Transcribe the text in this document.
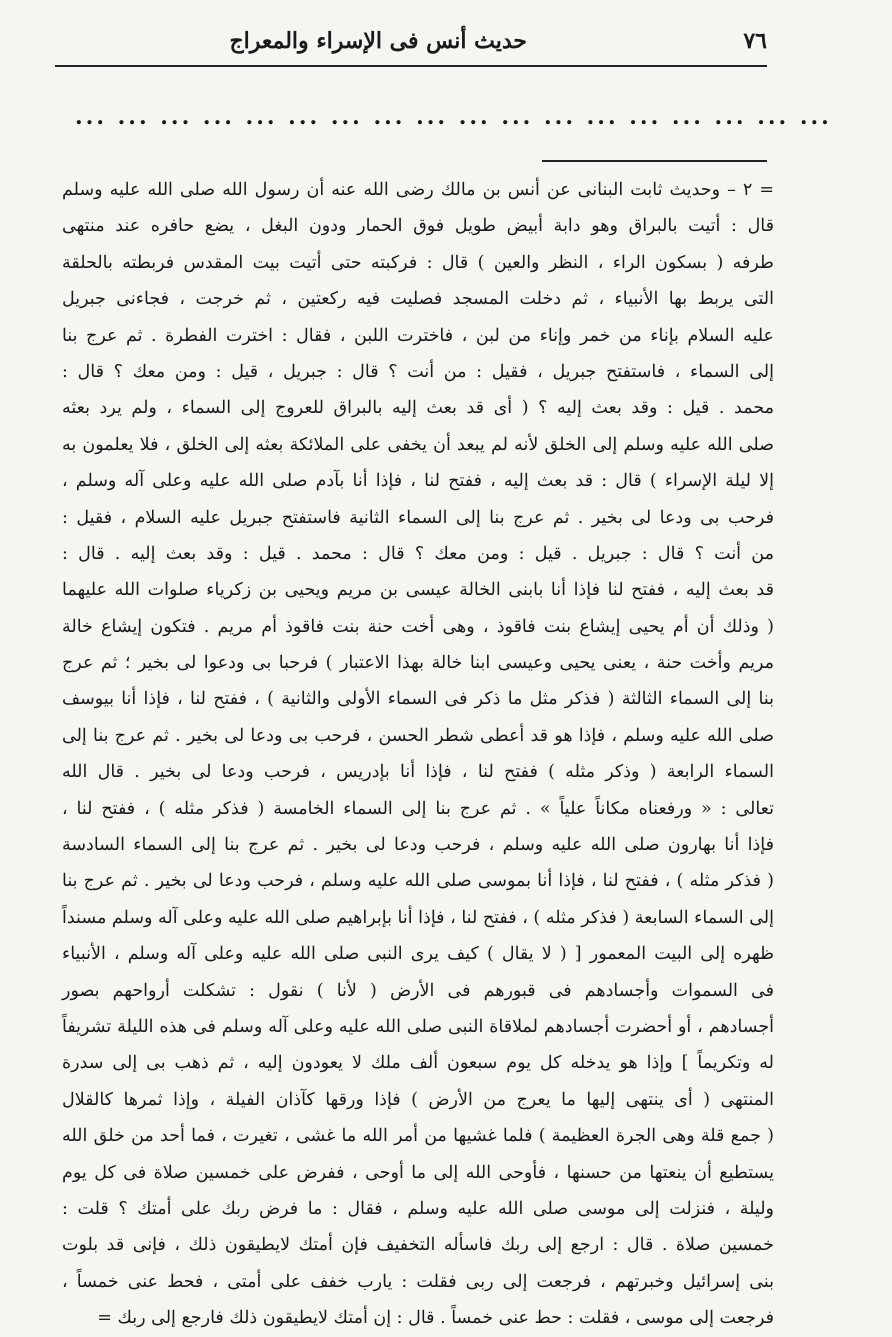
٧٦
حديث أنس فى الإسراء والمعراج
... ... ... ... ... ... ... ... ... ... ... ... ... ... ... ... ... ...
= ٢ – وحديث ثابت البنانى عن أنس بن مالك رضى الله عنه أن رسول الله صلى الله عليه وسلم
قال : أتيت بالبراق وهو دابة أبيض طويل فوق الحمار ودون البغل ، يضع حافره عند منتهى
طرفه ( بسكون الراء ، النظر والعين ) قال : فركبته حتى أتيت بيت المقدس فربطته بالحلقة
التى يربط بها الأنبياء ، ثم دخلت المسجد فصليت فيه ركعتين ، ثم خرجت ، فجاءنى جبريل
عليه السلام بإناء من خمر وإناء من لبن ، فاخترت اللبن ، فقال : اخترت الفطرة . ثم عرج بنا
إلى السماء ، فاستفتح جبريل ، فقيل : من أنت ؟ قال : جبريل ، قيل : ومن معك ؟ قال :
محمد . قيل : وقد بعث إليه ؟ ( أى قد بعث إليه بالبراق للعروج إلى السماء ، ولم يرد بعثه
صلى الله عليه وسلم إلى الخلق لأنه لم يبعد أن يخفى على الملائكة بعثه إلى الخلق ، فلا يعلمون به
إلا ليلة الإسراء ) قال : قد بعث إليه ، ففتح لنا ، فإذا أنا بآدم صلى الله عليه وعلى آله وسلم ،
فرحب بى ودعا لى بخير . ثم عرج بنا إلى السماء الثانية فاستفتح جبريل عليه السلام ، فقيل :
من أنت ؟ قال : جبريل . قيل : ومن معك ؟ قال : محمد . قيل : وقد بعث إليه . قال :
قد بعث إليه ، ففتح لنا فإذا أنا بابنى الخالة عيسى بن مريم ويحيى بن زكرياء صلوات الله عليهما
( وذلك أن أم يحيى إيشاع بنت فاقوذ ، وهى أخت حنة بنت فاقوذ أم مريم . فتكون إيشاع خالة
مريم وأخت حنة ، يعنى يحيى وعيسى ابنا خالة بهذا الاعتبار ) فرحبا بى ودعوا لى بخير ؛ ثم عرج
بنا إلى السماء الثالثة ( فذكر مثل ما ذكر فى السماء الأولى والثانية ) ، ففتح لنا ، فإذا أنا بيوسف
صلى الله عليه وسلم ، فإذا هو قد أعطى شطر الحسن ، فرحب بى ودعا لى بخير . ثم عرج بنا إلى
السماء الرابعة ( وذكر مثله ) ففتح لنا ، فإذا أنا بإدريس ، فرحب ودعا لى بخير . قال الله
تعالى : « ورفعناه مكاناً علياً » . ثم عرج بنا إلى السماء الخامسة ( فذكر مثله ) ، ففتح لنا ،
فإذا أنا بهارون صلى الله عليه وسلم ، فرحب ودعا لى بخير . ثم عرج بنا إلى السماء السادسة
( فذكر مثله ) ، ففتح لنا ، فإذا أنا بموسى صلى الله عليه وسلم ، فرحب ودعا لى بخير . ثم عرج بنا
إلى السماء السابعة ( فذكر مثله ) ، ففتح لنا ، فإذا أنا بإبراهيم صلى الله عليه وعلى آله وسلم مسنداً
ظهره إلى البيت المعمور [ ( لا يقال ) كيف يرى النبى صلى الله عليه وعلى آله وسلم ، الأنبياء
فى السموات وأجسادهم فى قبورهم فى الأرض ( لأنا ) نقول : تشكلت أرواحهم بصور
أجسادهم ، أو أحضرت أجسادهم لملاقاة النبى صلى الله عليه وعلى آله وسلم فى هذه الليلة تشريفاً
له وتكريماً ] وإذا هو يدخله كل يوم سبعون ألف ملك لا يعودون إليه ، ثم ذهب بى إلى سدرة
المنتهى ( أى ينتهى إليها ما يعرج من الأرض ) فإذا ورقها كآذان الفيلة ، وإذا ثمرها كالقلال
( جمع قلة وهى الجرة العظيمة ) فلما غشيها من أمر الله ما غشى ، تغيرت ، فما أحد من خلق الله
يستطيع أن ينعتها من حسنها ، فأوحى الله إلى ما أوحى ، ففرض على خمسين صلاة فى كل يوم
وليلة ، فنزلت إلى موسى صلى الله عليه وسلم ، فقال : ما فرض ربك على أمتك ؟ قلت :
خمسين صلاة . قال : ارجع إلى ربك فاسأله التخفيف فإن أمتك لايطيقون ذلك ، فإنى قد بلوت
بنى إسرائيل وخبرتهم ، فرجعت إلى ربى فقلت : يارب خفف على أمتى ، فحط عنى خمساً ،
فرجعت إلى موسى ، فقلت : حط عنى خمساً . قال : إن أمتك لايطيقون ذلك فارجع إلى ربك =
